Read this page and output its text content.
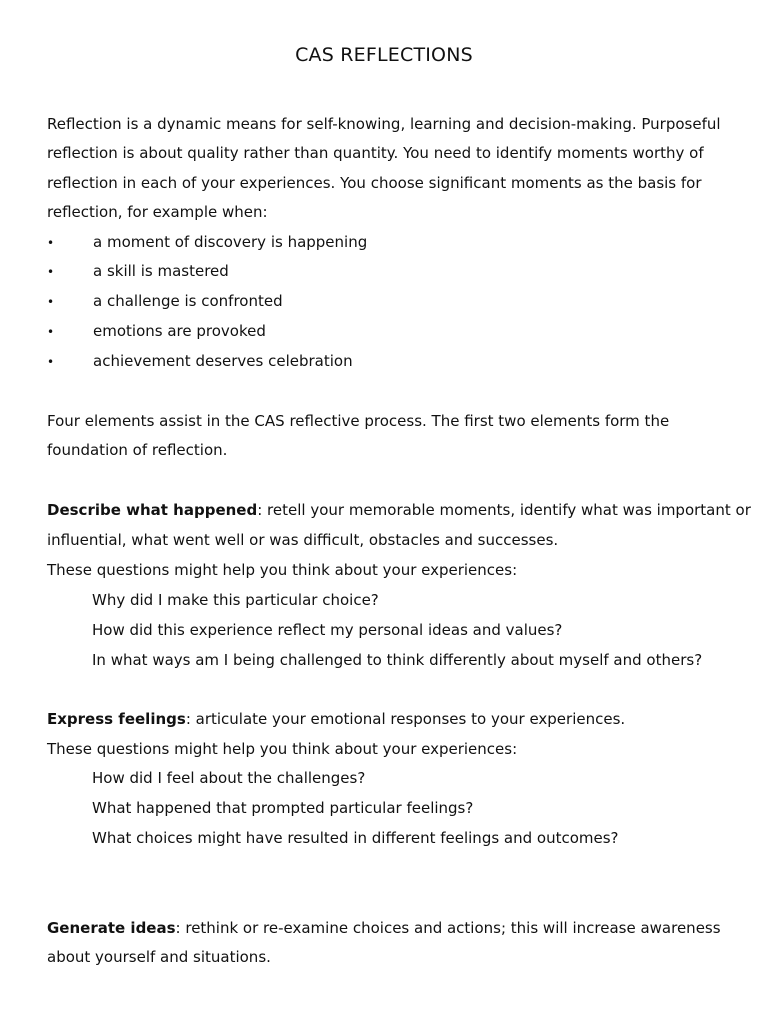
CAS REFLECTIONS
Reflection is a dynamic means for self-knowing, learning and decision-making. Purposeful
reflection is about quality rather than quantity. You need to identify moments worthy of
reflection in each of your experiences. You choose significant moments as the basis for
reflection, for example when:
•	a moment of discovery is happening
•	a skill is mastered
•	a challenge is confronted
•	emotions are provoked
•	achievement deserves celebration
Four elements assist in the CAS reflective process. The first two elements form the
foundation of reflection.
Describe what happened: retell your memorable moments, identify what was important or
influential, what went well or was difficult, obstacles and successes.
These questions might help you think about your experiences:
Why did I make this particular choice?
How did this experience reflect my personal ideas and values?
In what ways am I being challenged to think differently about myself and others?
Express feelings: articulate your emotional responses to your experiences.
These questions might help you think about your experiences:
How did I feel about the challenges?
What happened that prompted particular feelings?
What choices might have resulted in different feelings and outcomes?
Generate ideas: rethink or re-examine choices and actions; this will increase awareness
about yourself and situations.
